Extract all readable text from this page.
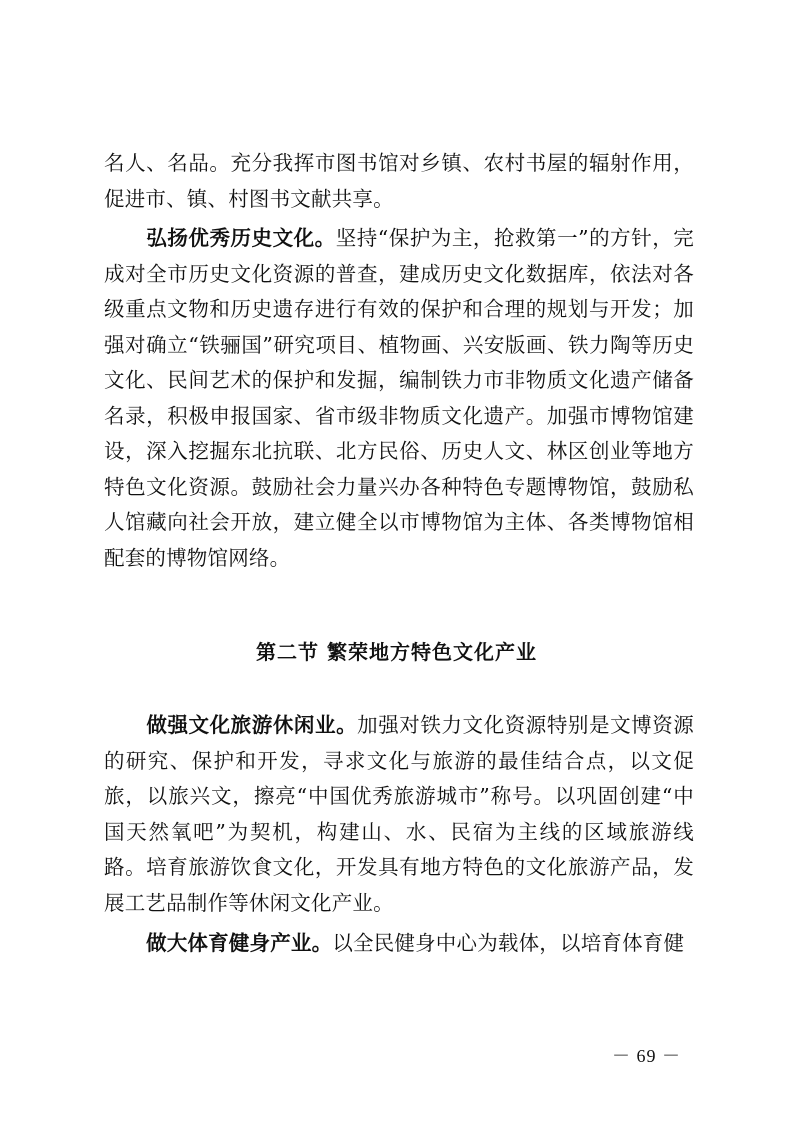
名人、名品。充分我挥市图书馆对乡镇、农村书屋的辐射作用，促进市、镇、村图书文献共享。

弘扬优秀历史文化。坚持“保护为主，抢救第一”的方针，完成对全市历史文化资源的普查，建成历史文化数据库，依法对各级重点文物和历史遗存进行有效的保护和合理的规划与开发；加强对确立“铁骊国”研究项目、植物画、兴安版画、铁力陶等历史文化、民间艺术的保护和发掘，编制铁力市非物质文化遗产储备名录，积极申报国家、省市级非物质文化遗产。加强市博物馆建设，深入挖掘东北抗联、北方民俗、历史人文、林区创业等地方特色文化资源。鼓励社会力量兴办各种特色专题博物馆，鼓励私人馆藏向社会开放，建立健全以市博物馆为主体、各类博物馆相配套的博物馆网络。

第二节 繁荣地方特色文化产业

做强文化旅游休闲业。加强对铁力文化资源特别是文博资源的研究、保护和开发，寻求文化与旅游的最佳结合点，以文促旅，以旅兴文，擦亮“中国优秀旅游城市”称号。以巩固创建“中国天然氧吧”为契机，构建山、水、民宿为主线的区域旅游线路。培育旅游饮食文化，开发具有地方特色的文化旅游产品，发展工艺品制作等休闲文化产业。

做大体育健身产业。以全民健身中心为载体，以培育体育健

－ 69 －
